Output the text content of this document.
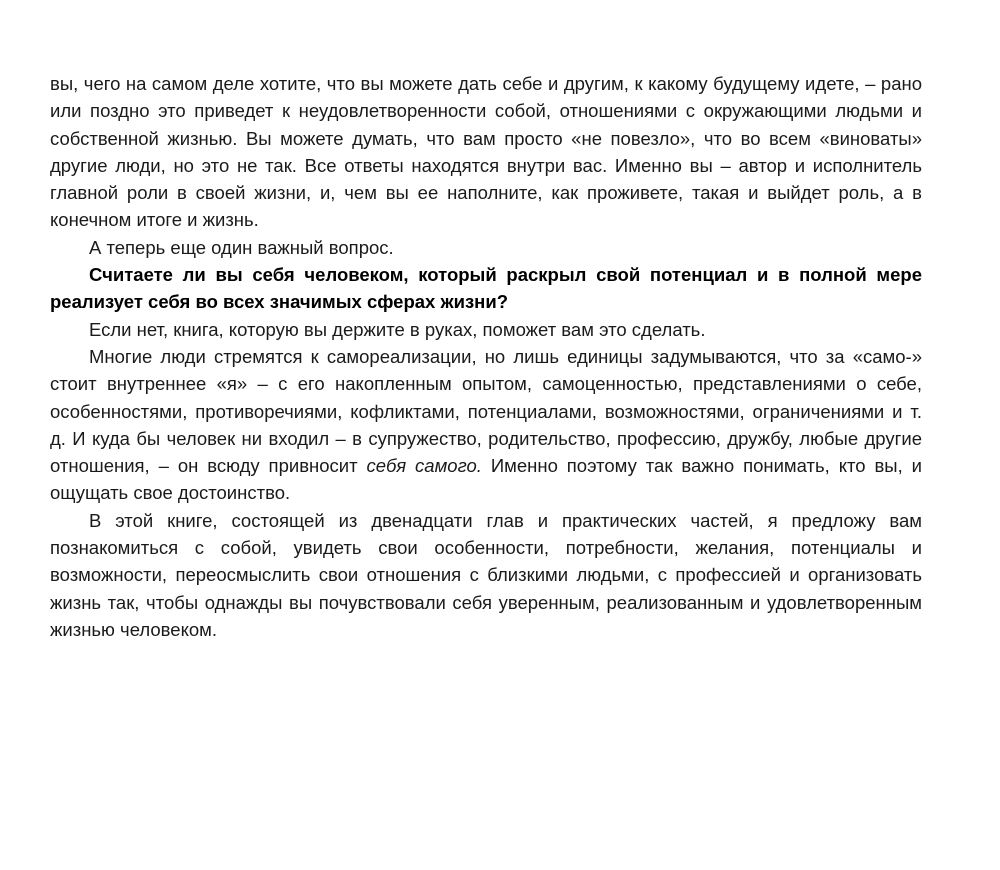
вы, чего на самом деле хотите, что вы можете дать себе и другим, к какому будущему идете, – рано или поздно это приведет к неудовлетворенности собой, отношениями с окружающими людьми и собственной жизнью. Вы можете думать, что вам просто «не повезло», что во всем «виноваты» другие люди, но это не так. Все ответы находятся внутри вас. Именно вы – автор и исполнитель главной роли в своей жизни, и, чем вы ее наполните, как проживете, такая и выйдет роль, а в конечном итоге и жизнь.

А теперь еще один важный вопрос.

Считаете ли вы себя человеком, который раскрыл свой потенциал и в полной мере реализует себя во всех значимых сферах жизни?

Если нет, книга, которую вы держите в руках, поможет вам это сделать.

Многие люди стремятся к самореализации, но лишь единицы задумываются, что за «само-» стоит внутреннее «я» – с его накопленным опытом, самоценностью, представлениями о себе, особенностями, противоречиями, кофликтами, потенциалами, возможностями, ограничениями и т. д. И куда бы человек ни входил – в супружество, родительство, профессию, дружбу, любые другие отношения, – он всюду привносит себя самого. Именно поэтому так важно понимать, кто вы, и ощущать свое достоинство.

В этой книге, состоящей из двенадцати глав и практических частей, я предложу вам познакомиться с собой, увидеть свои особенности, потребности, желания, потенциалы и возможности, переосмыслить свои отношения с близкими людьми, с профессией и организовать жизнь так, чтобы однажды вы почувствовали себя уверенным, реализованным и удовлетворенным жизнью человеком.
